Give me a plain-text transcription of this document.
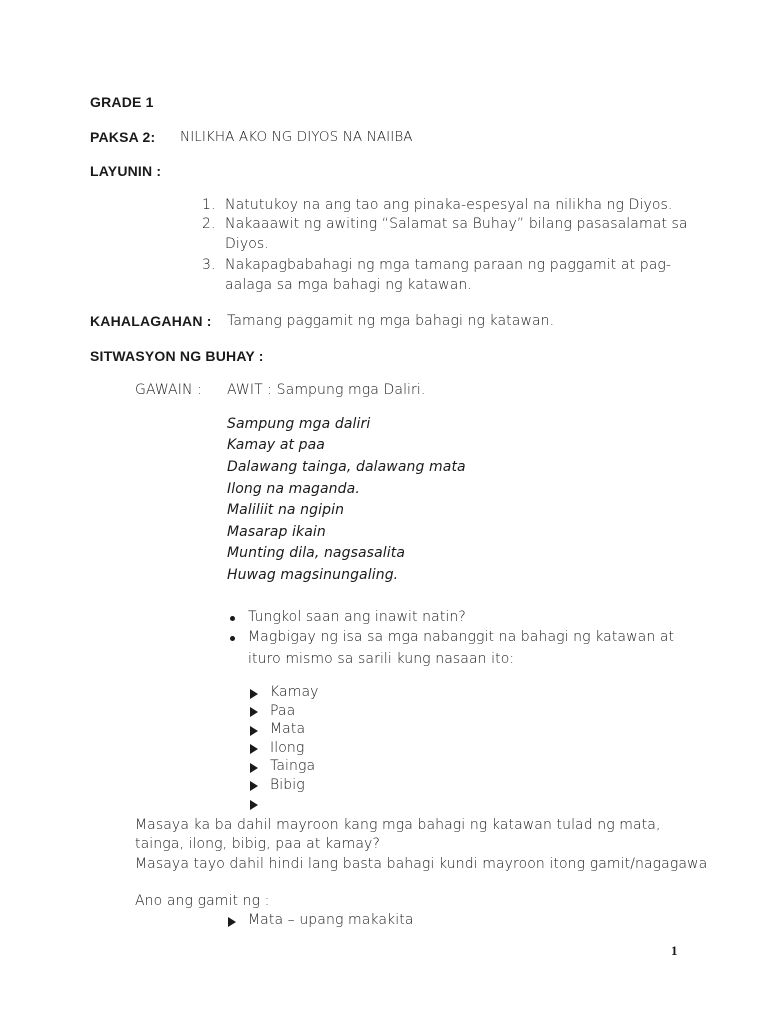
GRADE 1
PAKSA 2: NILIKHA AKO NG DIYOS NA NAIIBA
LAYUNIN :
1. Natutukoy na ang tao ang pinaka-espesyal na nilikha ng Diyos.
2. Nakaaawit ng awiting “Salamat sa Buhay” bilang pasasalamat sa
Diyos.
3. Nakapagbabahagi ng mga tamang paraan ng paggamit at pag-
aalaga sa mga bahagi ng katawan.
KAHALAGAHAN : Tamang paggamit ng mga bahagi ng katawan.
SITWASYON NG BUHAY :
GAWAIN : AWIT : Sampung mga Daliri.
Sampung mga daliri
Kamay at paa
Dalawang tainga, dalawang mata
Ilong na maganda.
Maliliit na ngipin
Masarap ikain
Munting dila, nagsasalita
Huwag magsinungaling.
Tungkol saan ang inawit natin?
Magbigay ng isa sa mga nabanggit na bahagi ng katawan at
ituro mismo sa sarili kung nasaan ito:
Kamay
Paa
Mata
Ilong
Tainga
Bibig
Masaya ka ba dahil mayroon kang mga bahagi ng katawan tulad ng mata,
tainga, ilong, bibig, paa at kamay?
Masaya tayo dahil hindi lang basta bahagi kundi mayroon itong gamit/nagagawa
Ano ang gamit ng :
Mata – upang makakita
1
